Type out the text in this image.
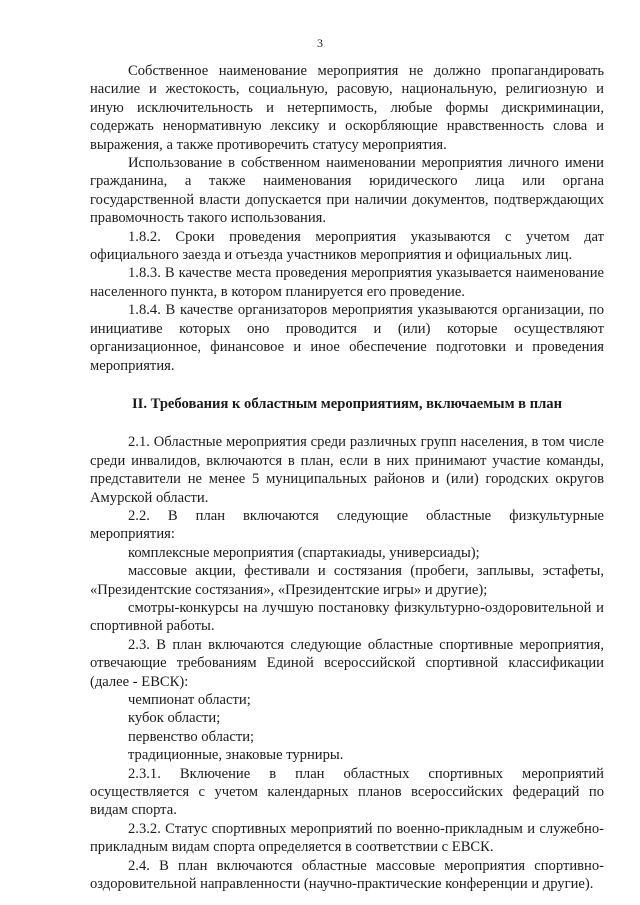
3

Собственное наименование мероприятия не должно пропагандировать насилие и жестокость, социальную, расовую, национальную, религиозную и иную исключительность и нетерпимость, любые формы дискриминации, содержать ненормативную лексику и оскорбляющие нравственность слова и выражения, а также противоречить статусу мероприятия.

Использование в собственном наименовании мероприятия личного имени гражданина, а также наименования юридического лица или органа государственной власти допускается при наличии документов, подтверждающих правомочность такого использования.

1.8.2. Сроки проведения мероприятия указываются с учетом дат официального заезда и отъезда участников мероприятия и официальных лиц.

1.8.3. В качестве места проведения мероприятия указывается наименование населенного пункта, в котором планируется его проведение.

1.8.4. В качестве организаторов мероприятия указываются организации, по инициативе которых оно проводится и (или) которые осуществляют организационное, финансовое и иное обеспечение подготовки и проведения мероприятия.

II. Требования к областным мероприятиям, включаемым в план

2.1. Областные мероприятия среди различных групп населения, в том числе среди инвалидов, включаются в план, если в них принимают участие команды, представители не менее 5 муниципальных районов и (или) городских округов Амурской области.

2.2. В план включаются следующие областные физкультурные мероприятия:

комплексные мероприятия (спартакиады, универсиады);

массовые акции, фестивали и состязания (пробеги, заплывы, эстафеты, «Президентские состязания», «Президентские игры» и другие);

смотры-конкурсы на лучшую постановку физкультурно-оздоровительной и спортивной работы.

2.3. В план включаются следующие областные спортивные мероприятия, отвечающие требованиям Единой всероссийской спортивной классификации (далее - ЕВСК):

чемпионат области;

кубок области;

первенство области;

традиционные, знаковые турниры.

2.3.1. Включение в план областных спортивных мероприятий осуществляется с учетом календарных планов всероссийских федераций по видам спорта.

2.3.2. Статус спортивных мероприятий по военно-прикладным и служебно-прикладным видам спорта определяется в соответствии с ЕВСК.

2.4. В план включаются областные массовые мероприятия спортивно-оздоровительной направленности (научно-практические конференции и другие).
